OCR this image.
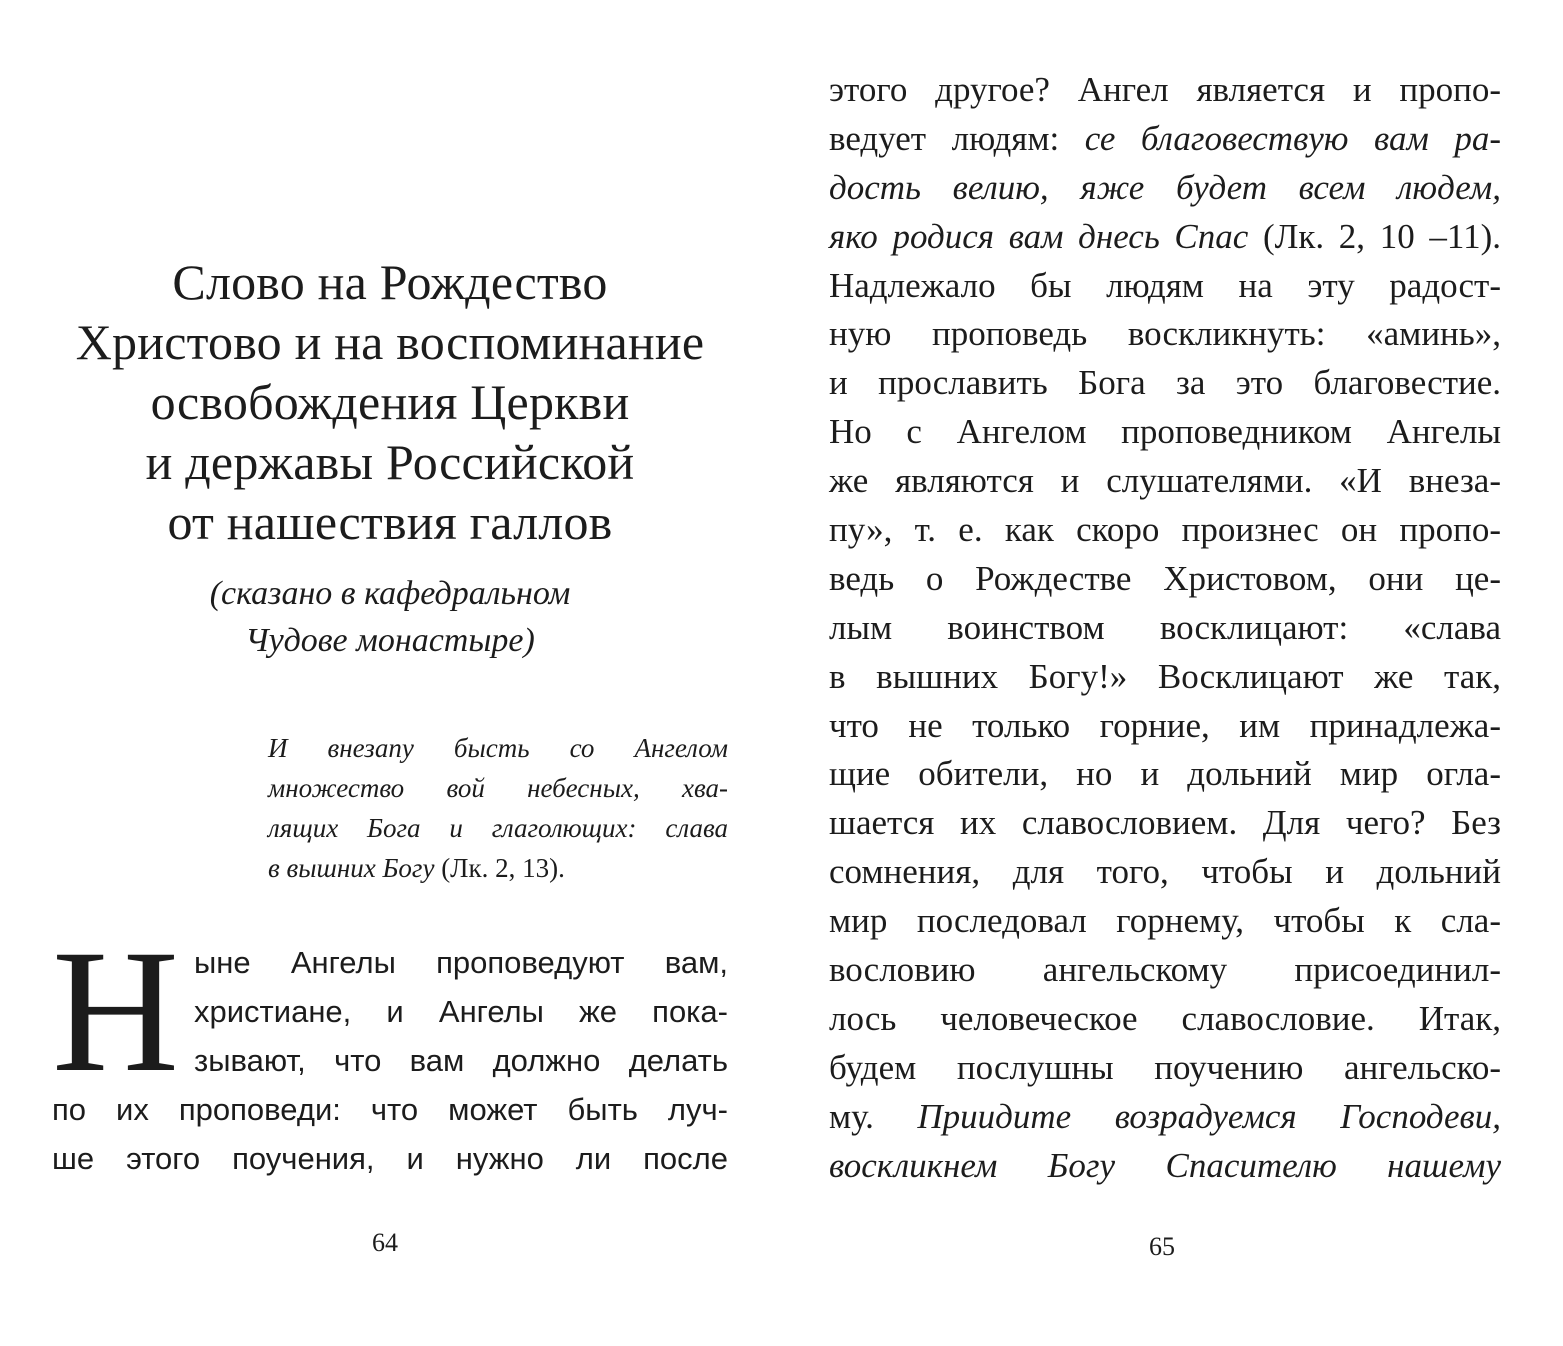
Слово на Рождество
Христово и на воспоминание
освобождения Церкви
и державы Российской
от нашествия галлов
(сказано в кафедральном
Чудове монастыре)
И внезапу бысть со Ангелом
множество вой небесных, хва-
лящих Бога и глаголющих: слава
в вышних Богу (Лк. 2, 13).
Н ыне Ангелы проповедуют вам,
христиане, и Ангелы же пока-
зывают, что вам должно делать
по их проповеди: что может быть луч-
ше этого поучения, и нужно ли после
64
этого другое? Ангел является и пропо-
ведует людям: се благовествую вам ра-
дость велию, яже будет всем людем,
яко родися вам днесь Спас (Лк. 2, 10 –11).
Надлежало бы людям на эту радост-
ную проповедь воскликнуть: «аминь»,
и прославить Бога за это благовестие.
Но с Ангелом проповедником Ангелы
же являются и слушателями. «И внеза-
пу», т. е. как скоро произнес он пропо-
ведь о Рождестве Христовом, они це-
лым воинством восклицают: «слава
в вышних Богу!» Восклицают же так,
что не только горние, им принадлежа-
щие обители, но и дольний мир огла-
шается их славословием. Для чего? Без
сомнения, для того, чтобы и дольний
мир последовал горнему, чтобы к сла-
вословию ангельскому присоединил-
лось человеческое славословие. Итак,
будем послушны поучению ангельско-
му. Приидите возрадуемся Господеви,
воскликнем Богу Спасителю нашему
65
